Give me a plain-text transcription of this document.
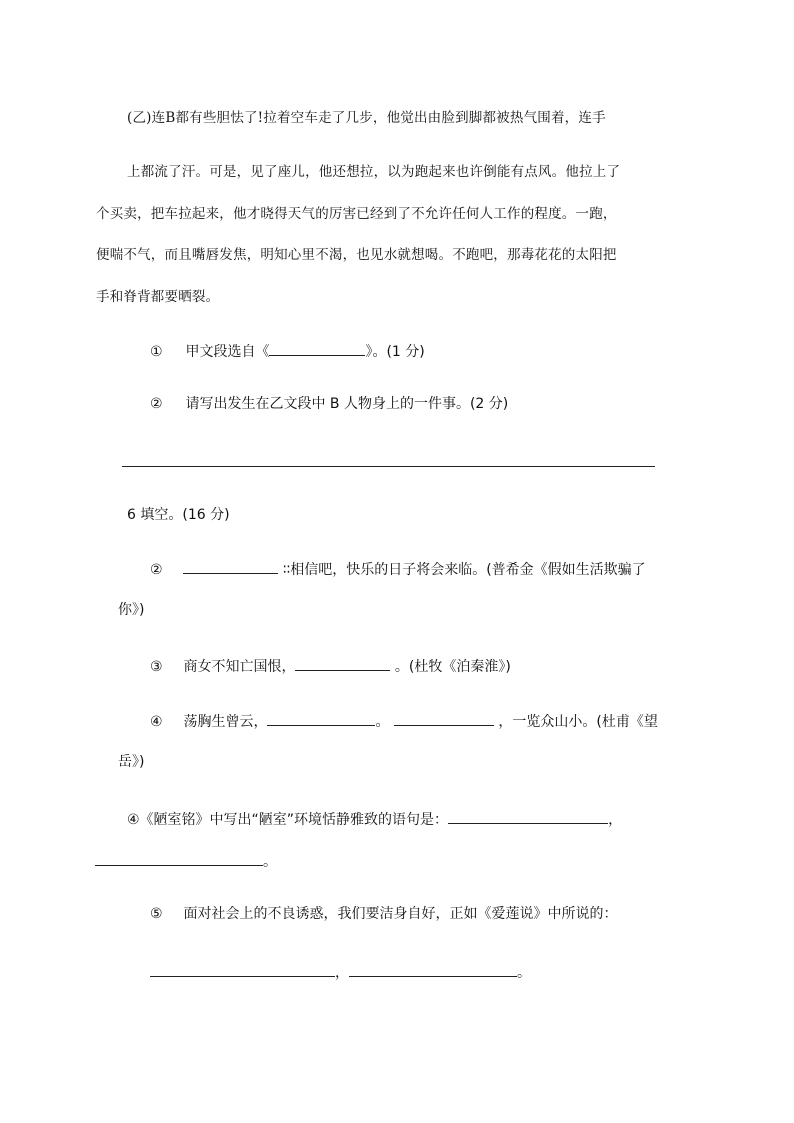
(乙)连B都有些胆怯了!拉着空车走了几步，他觉出由脸到脚都被热气围着，连手
上都流了汗。可是，见了座儿，他还想拉，以为跑起来也许倒能有点风。他拉上了
个买卖，把车拉起来，他才晓得天气的厉害已经到了不允许任何人工作的程度。一跑，
便喘不气，而且嘴唇发焦，明知心里不渴，也见水就想喝。不跑吧，那毒花花的太阳把
手和脊背都要晒裂。
① 甲文段选自《	》。(1 分)
② 请写出发生在乙文段中 B 人物身上的一件事。(2 分)
6 填空。(16 分)
②	∶∶相信吧，快乐的日子将会来临。(普希金《假如生活欺骗了
你》)
③ 商女不知亡国恨，	。(杜牧《泊秦淮》)
④ 荡胸生曾云，	。	，一览众山小。(杜甫《望
岳》)
④《陋室铭》中写出“陋室”环境恬静雅致的语句是：	，
。
⑤ 面对社会上的不良诱惑，我们要洁身自好，正如《爱莲说》中所说的：
，	。
